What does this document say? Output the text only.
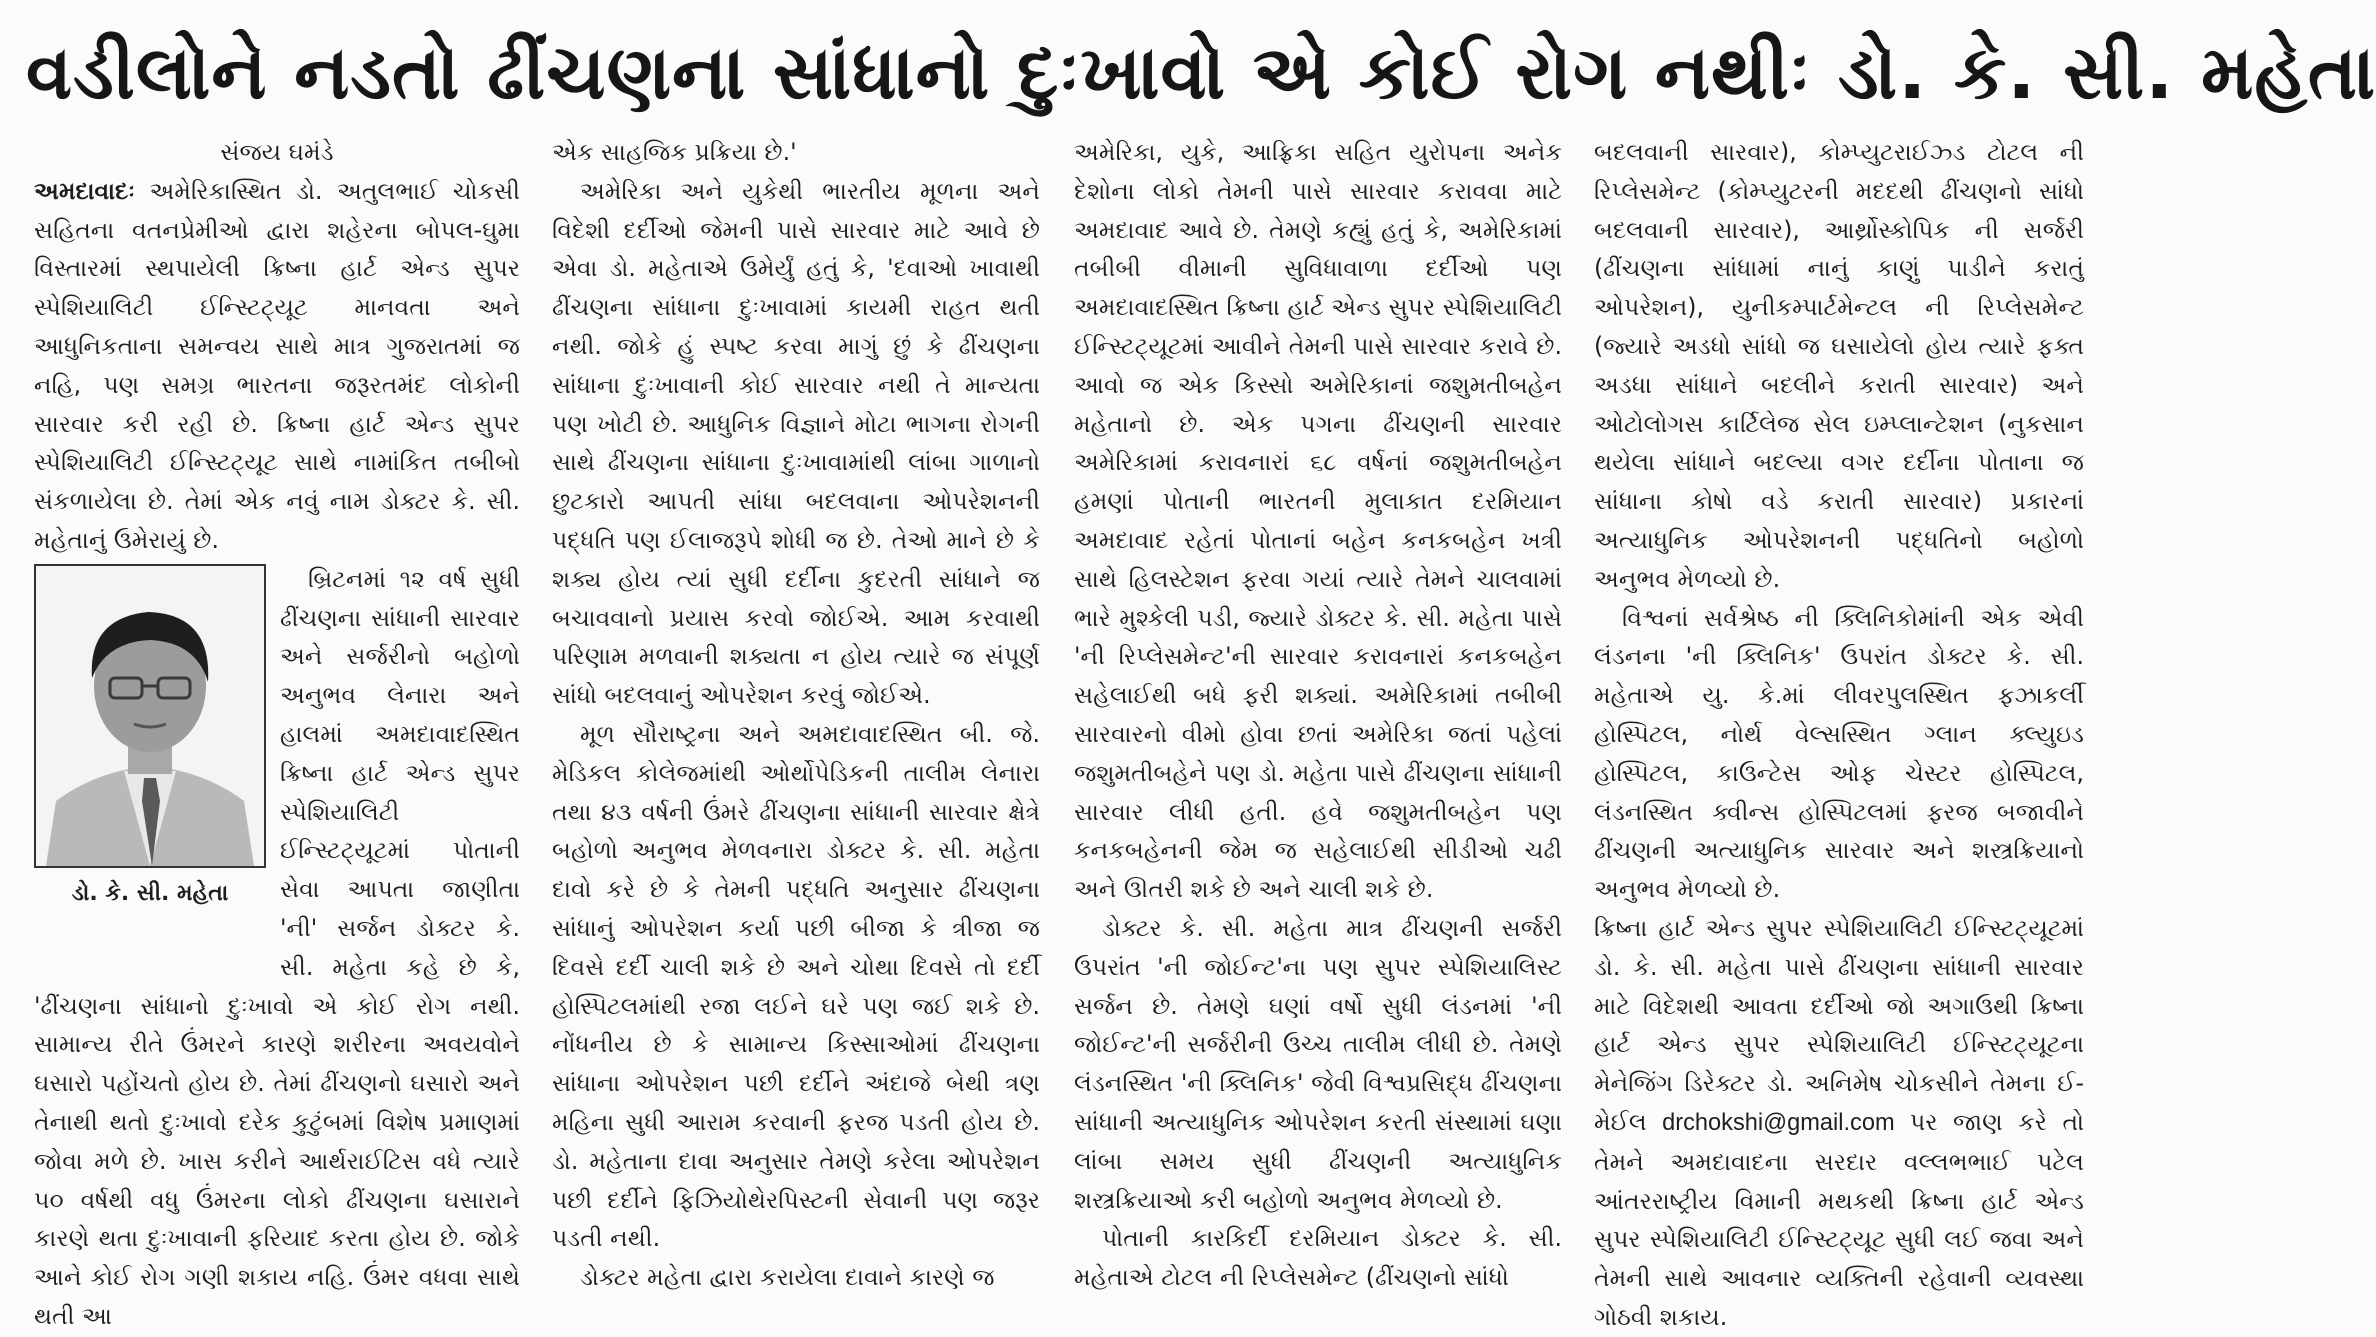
વડીલોને નડતો ઢીંચણના સાંધાનો દુઃખાવો એ કોઈ રોગ નથીઃ ડો. કે. સી. મહેતા
સંજય ઘમંડે

અમદાવાદઃ અમેરિકાસ્થિત ડો. અતુલભાઈ ચોકસી સહિતના વતનપ્રેમીઓ દ્વારા શહેરના બોપલ-ઘુમા વિસ્તારમાં સ્થપાયેલી ક્રિષ્ના હાર્ટ એન્ડ સુપર સ્પેશિયાલિટી ઈન્સ્ટિટ્યૂટ માનવતા અને આધુનિકતાના સમન્વય સાથે માત્ર ગુજરાતમાં જ નહિ, પણ સમગ્ર ભારતના જરૂરતમંદ લોકોની સારવાર કરી રહી છે. ક્રિષ્ના હાર્ટ એન્ડ સુપર સ્પેશિયાલિટી ઈન્સ્ટિટ્યૂટ સાથે નામાંકિત તબીબો સંકળાયેલા છે. તેમાં એક નવું નામ ડોક્ટર કે. સી. મહેતાનું ઉમેરાયું છે.

ડો. કે. સી. મહેતા

બ્રિટનમાં ૧૨ વર્ષ સુધી ઢીંચણના સાંધાની સારવાર અને સર્જરીનો બહોળો અનુભવ લેનારા અને હાલમાં અમદાવાદસ્થિત ક્રિષ્ના હાર્ટ એન્ડ સુપર સ્પેશિયાલિટી ઈન્સ્ટિટ્યૂટમાં પોતાની સેવા આપતા જાણીતા 'ની' સર્જન ડોક્ટર કે. સી. મહેતા કહે છે કે, 'ઢીંચણના સાંધાનો દુઃખાવો એ કોઈ રોગ નથી. સામાન્ય રીતે ઉંમરને કારણે શરીરના અવયવોને ઘસારો પહોંચતો હોય છે. તેમાં ઢીંચણનો ઘસારો અને તેનાથી થતો દુઃખાવો દરેક કુટુંબમાં વિશેષ પ્રમાણમાં જોવા મળે છે. ખાસ કરીને આર્થરાઈટિસ વધે ત્યારે ૫૦ વર્ષથી વધુ ઉંમરના લોકો ઢીંચણના ઘસારાને કારણે થતા દુઃખાવાની ફરિયાદ કરતા હોય છે. જોકે આને કોઈ રોગ ગણી શકાય નહિ. ઉંમર વધવા સાથે થતી આ

એક સાહજિક પ્રક્રિયા છે.'

અમેરિકા અને યુકેથી ભારતીય મૂળના અને વિદેશી દર્દીઓ જેમની પાસે સારવાર માટે આવે છે એવા ડો. મહેતાએ ઉમેર્યું હતું કે, 'દવાઓ ખાવાથી ઢીંચણના સાંધાના દુઃખાવામાં કાયમી રાહત થતી નથી. જોકે હું સ્પષ્ટ કરવા માગું છું કે ઢીંચણના સાંધાના દુઃખાવાની કોઈ સારવાર નથી તે માન્યતા પણ ખોટી છે. આધુનિક વિજ્ઞાને મોટા ભાગના રોગની સાથે ઢીંચણના સાંધાના દુઃખાવામાંથી લાંબા ગાળાનો છુટકારો આપતી સાંધા બદલવાના ઓપરેશનની પદ્ધતિ પણ ઈલાજરૂપે શોધી જ છે. તેઓ માને છે કે શક્ય હોય ત્યાં સુધી દર્દીના કુદરતી સાંધાને જ બચાવવાનો પ્રયાસ કરવો જોઈએ. આમ કરવાથી પરિણામ મળવાની શક્યતા ન હોય ત્યારે જ સંપૂર્ણ સાંધો બદલવાનું ઓપરેશન કરવું જોઈએ.

મૂળ સૌરાષ્ટ્રના અને અમદાવાદસ્થિત બી. જે. મેડિકલ કોલેજમાંથી ઓર્થોપેડિકની તાલીમ લેનારા તથા ૪૩ વર્ષની ઉંમરે ઢીંચણના સાંધાની સારવાર ક્ષેત્રે બહોળો અનુભવ મેળવનારા ડોક્ટર કે. સી. મહેતા દાવો કરે છે કે તેમની પદ્ધતિ અનુસાર ઢીંચણના સાંધાનું ઓપરેશન કર્યા પછી બીજા કે ત્રીજા જ દિવસે દર્દી ચાલી શકે છે અને ચોથા દિવસે તો દર્દી હોસ્પિટલમાંથી રજા લઈને ઘરે પણ જઈ શકે છે. નોંધનીય છે કે સામાન્ય કિસ્સાઓમાં ઢીંચણના સાંધાના ઓપરેશન પછી દર્દીને અંદાજે બેથી ત્રણ મહિના સુધી આરામ કરવાની ફરજ પડતી હોય છે. ડો. મહેતાના દાવા અનુસાર તેમણે કરેલા ઓપરેશન પછી દર્દીને ફિઝિયોથેરપિસ્ટની સેવાની પણ જરૂર પડતી નથી.

ડોક્ટર મહેતા દ્વારા કરાયેલા દાવાને કારણે જ

અમેરિકા, યુકે, આફ્રિકા સહિત યુરોપના અનેક દેશોના લોકો તેમની પાસે સારવાર કરાવવા માટે અમદાવાદ આવે છે. તેમણે કહ્યું હતું કે, અમેરિકામાં તબીબી વીમાની સુવિધાવાળા દર્દીઓ પણ અમદાવાદસ્થિત ક્રિષ્ના હાર્ટ એન્ડ સુપર સ્પેશિયાલિટી ઈન્સ્ટિટ્યૂટમાં આવીને તેમની પાસે સારવાર કરાવે છે. આવો જ એક કિસ્સો અમેરિકાનાં જશુમતીબહેન મહેતાનો છે. એક પગના ઢીંચણની સારવાર અમેરિકામાં કરાવનારાં ૬૮ વર્ષનાં જશુમતીબહેન હમણાં પોતાની ભારતની મુલાકાત દરમિયાન અમદાવાદ રહેતાં પોતાનાં બહેન કનકબહેન ખત્રી સાથે હિલસ્ટેશન ફરવા ગયાં ત્યારે તેમને ચાલવામાં ભારે મુશ્કેલી પડી, જ્યારે ડોક્ટર કે. સી. મહેતા પાસે 'ની રિપ્લેસમેન્ટ'ની સારવાર કરાવનારાં કનકબહેન સહેલાઈથી બધે ફરી શક્યાં. અમેરિકામાં તબીબી સારવારનો વીમો હોવા છતાં અમેરિકા જતાં પહેલાં જશુમતીબહેને પણ ડો. મહેતા પાસે ઢીંચણના સાંધાની સારવાર લીધી હતી. હવે જશુમતીબહેન પણ કનકબહેનની જેમ જ સહેલાઈથી સીડીઓ ચઢી અને ઊતરી શકે છે અને ચાલી શકે છે.

ડોક્ટર કે. સી. મહેતા માત્ર ઢીંચણની સર્જરી ઉપરાંત 'ની જોઈન્ટ'ના પણ સુપર સ્પેશિયાલિસ્ટ સર્જન છે. તેમણે ઘણાં વર્ષો સુધી લંડનમાં 'ની જોઈન્ટ'ની સર્જરીની ઉચ્ચ તાલીમ લીધી છે. તેમણે લંડનસ્થિત 'ની ક્લિનિક' જેવી વિશ્વપ્રસિદ્ધ ઢીંચણના સાંધાની અત્યાધુનિક ઓપરેશન કરતી સંસ્થામાં ઘણા લાંબા સમય સુધી ઢીંચણની અત્યાધુનિક શસ્ત્રક્રિયાઓ કરી બહોળો અનુભવ મેળવ્યો છે.

પોતાની કારકિર્દી દરમિયાન ડોક્ટર કે. સી. મહેતાએ ટોટલ ની રિપ્લેસમેન્ટ (ઢીંચણનો સાંધો

બદલવાની સારવાર), કોમ્પ્યુટરાઈઝ્ડ ટોટલ ની રિપ્લેસમેન્ટ (કોમ્પ્યુટરની મદદથી ઢીંચણનો સાંધો બદલવાની સારવાર), આર્થ્રોસ્કોપિક ની સર્જરી (ઢીંચણના સાંધામાં નાનું કાણું પાડીને કરાતું ઓપરેશન), યુનીકમ્પાર્ટમેન્ટલ ની રિપ્લેસમેન્ટ (જ્યારે અડધો સાંધો જ ઘસાયેલો હોય ત્યારે ફક્ત અડધા સાંધાને બદલીને કરાતી સારવાર) અને ઓટોલોગસ કાર્ટિલેજ સેલ ઇમ્પ્લાન્ટેશન (નુકસાન થયેલા સાંધાને બદલ્યા વગર દર્દીના પોતાના જ સાંધાના કોષો વડે કરાતી સારવાર) પ્રકારનાં અત્યાધુનિક ઓપરેશનની પદ્ધતિનો બહોળો અનુભવ મેળવ્યો છે.

વિશ્વનાં સર્વશ્રેષ્ઠ ની ક્લિનિકોમાંની એક એવી લંડનના 'ની ક્લિનિક' ઉપરાંત ડોક્ટર કે. સી. મહેતાએ યુ. કે.માં લીવરપુલસ્થિત ફઝાકર્લી હોસ્પિટલ, નોર્થ વેલ્સસ્થિત ગ્લાન ક્લ્યુઇડ હોસ્પિટલ, કાઉન્ટેસ ઓફ ચેસ્ટર હોસ્પિટલ, લંડનસ્થિત ક્વીન્સ હોસ્પિટલમાં ફરજ બજાવીને ઢીંચણની અત્યાધુનિક સારવાર અને શસ્ત્રક્રિયાનો અનુભવ મેળવ્યો છે.

ક્રિષ્ના હાર્ટ એન્ડ સુપર સ્પેશિયાલિટી ઈન્સ્ટિટ્યૂટમાં ડો. કે. સી. મહેતા પાસે ઢીંચણના સાંધાની સારવાર માટે વિદેશથી આવતા દર્દીઓ જો અગાઉથી ક્રિષ્ના હાર્ટ એન્ડ સુપર સ્પેશિયાલિટી ઈન્સ્ટિટ્યૂટના મેનેજિંગ ડિરેક્ટર ડો. અનિમેષ ચોકસીને તેમના ઈ-મેઈલ drchokshi@gmail.com પર જાણ કરે તો તેમને અમદાવાદના સરદાર વલ્લભભાઈ પટેલ આંતરરાષ્ટ્રીય વિમાની મથકથી ક્રિષ્ના હાર્ટ એન્ડ સુપર સ્પેશિયાલિટી ઈન્સ્ટિટ્યૂટ સુધી લઈ જવા અને તેમની સાથે આવનાર વ્યક્તિની રહેવાની વ્યવસ્થા ગોઠવી શકાય.
